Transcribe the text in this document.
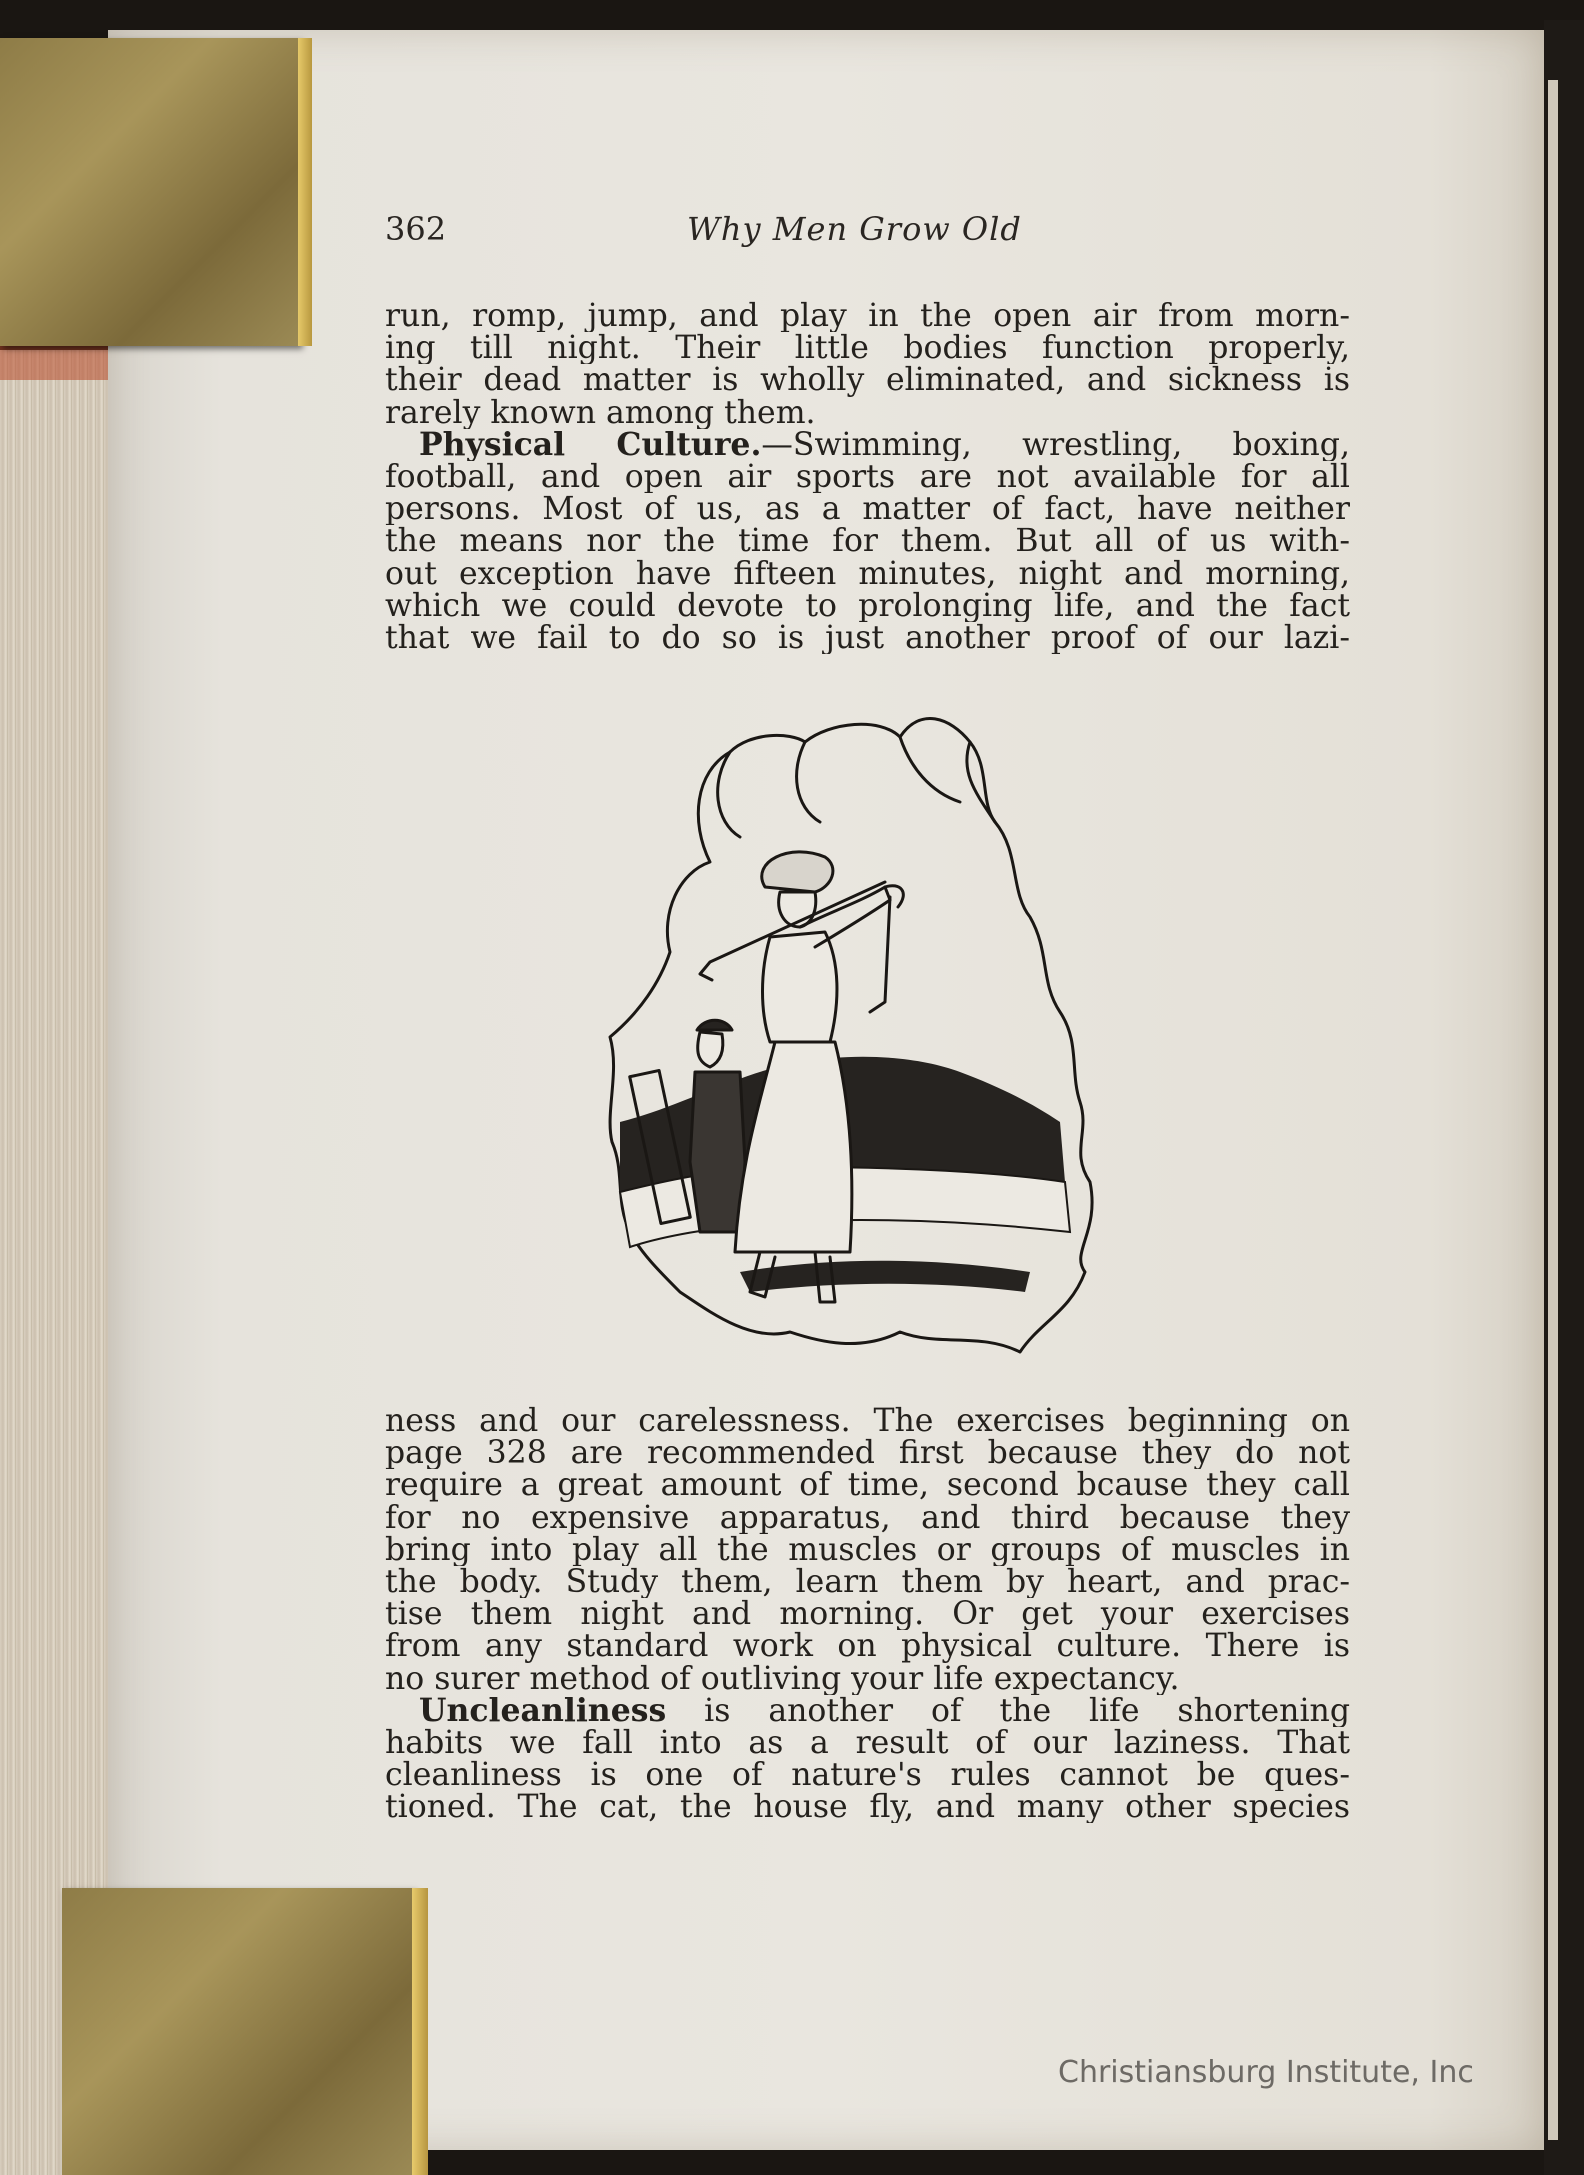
362	Why Men Grow Old
run, romp, jump, and play in the open air from morn-
ing till night. Their little bodies function properly,
their dead matter is wholly eliminated, and sickness is
rarely known among them.
Physical Culture.—Swimming, wrestling, boxing,
football, and open air sports are not available for all
persons. Most of us, as a matter of fact, have neither
the means nor the time for them. But all of us with-
out exception have fifteen minutes, night and morning,
which we could devote to prolonging life, and the fact
that we fail to do so is just another proof of our lazi-
ness and our carelessness. The exercises beginning on
page 328 are recommended first because they do not
require a great amount of time, second bcause they call
for no expensive apparatus, and third because they
bring into play all the muscles or groups of muscles in
the body. Study them, learn them by heart, and prac-
tise them night and morning. Or get your exercises
from any standard work on physical culture. There is
no surer method of outliving your life expectancy.
Uncleanliness is another of the life shortening
habits we fall into as a result of our laziness. That
cleanliness is one of nature's rules cannot be ques-
tioned. The cat, the house fly, and many other species
Christiansburg Institute, Inc
